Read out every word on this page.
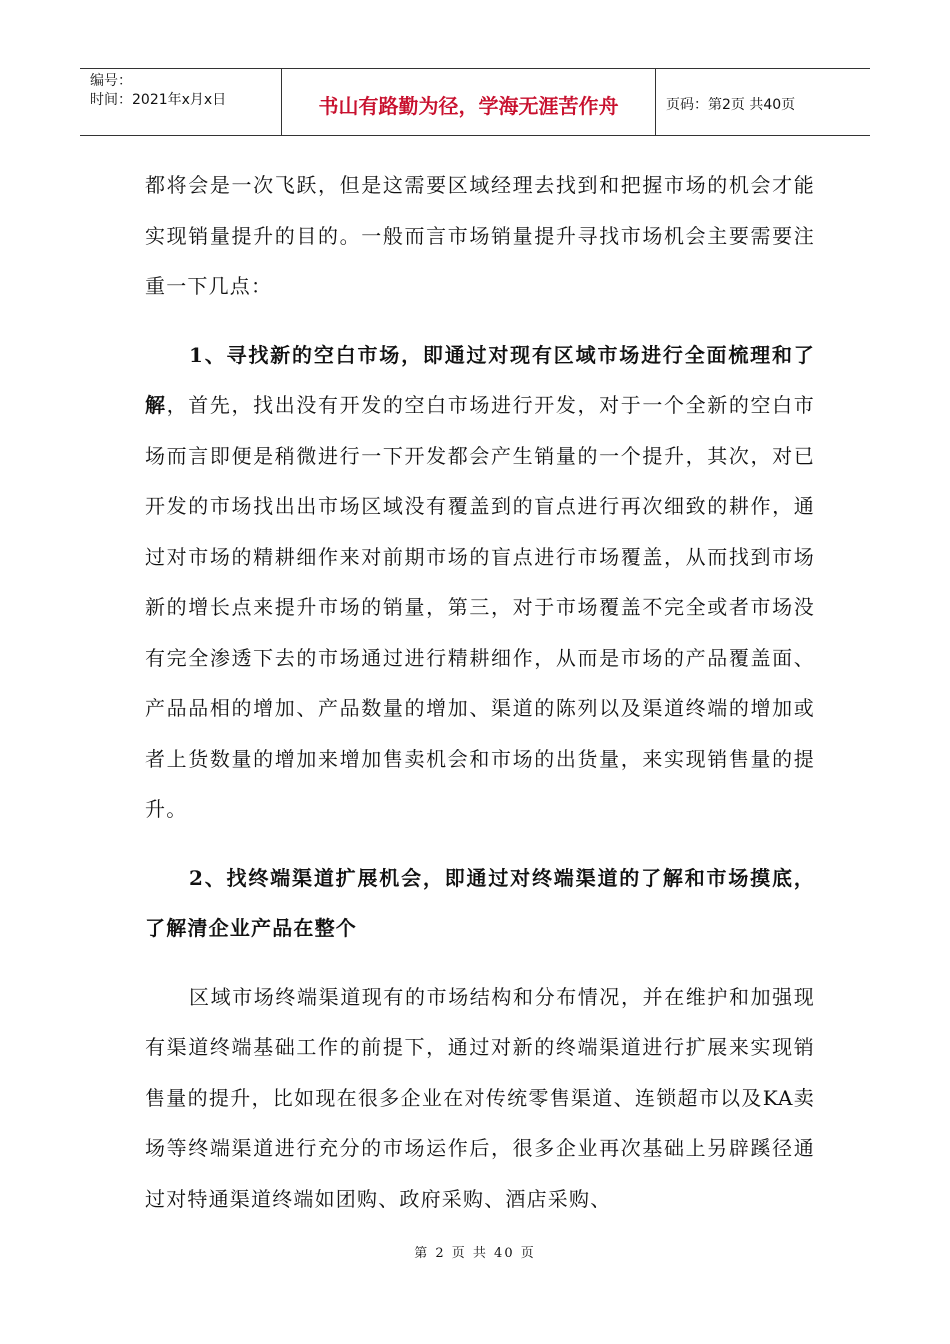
编号：
时间：2021年x月x日	书山有路勤为径，学海无涯苦作舟	页码：第2页 共40页

都将会是一次飞跃，但是这需要区域经理去找到和把握市场的机会才能实现销量提升的目的。一般而言市场销量提升寻找市场机会主要需要注重一下几点：

1、寻找新的空白市场，即通过对现有区域市场进行全面梳理和了解，首先，找出没有开发的空白市场进行开发，对于一个全新的空白市场而言即便是稍微进行一下开发都会产生销量的一个提升，其次，对已开发的市场找出出市场区域没有覆盖到的盲点进行再次细致的耕作，通过对市场的精耕细作来对前期市场的盲点进行市场覆盖，从而找到市场新的增长点来提升市场的销量，第三，对于市场覆盖不完全或者市场没有完全渗透下去的市场通过进行精耕细作，从而是市场的产品覆盖面、产品品相的增加、产品数量的增加、渠道的陈列以及渠道终端的增加或者上货数量的增加来增加售卖机会和市场的出货量，来实现销售量的提升。

2、找终端渠道扩展机会，即通过对终端渠道的了解和市场摸底，了解清企业产品在整个

区域市场终端渠道现有的市场结构和分布情况，并在维护和加强现有渠道终端基础工作的前提下，通过对新的终端渠道进行扩展来实现销售量的提升，比如现在很多企业在对传统零售渠道、连锁超市以及KA卖场等终端渠道进行充分的市场运作后，很多企业再次基础上另辟蹊径通过对特通渠道终端如团购、政府采购、酒店采购、

第 2 页 共 40 页
